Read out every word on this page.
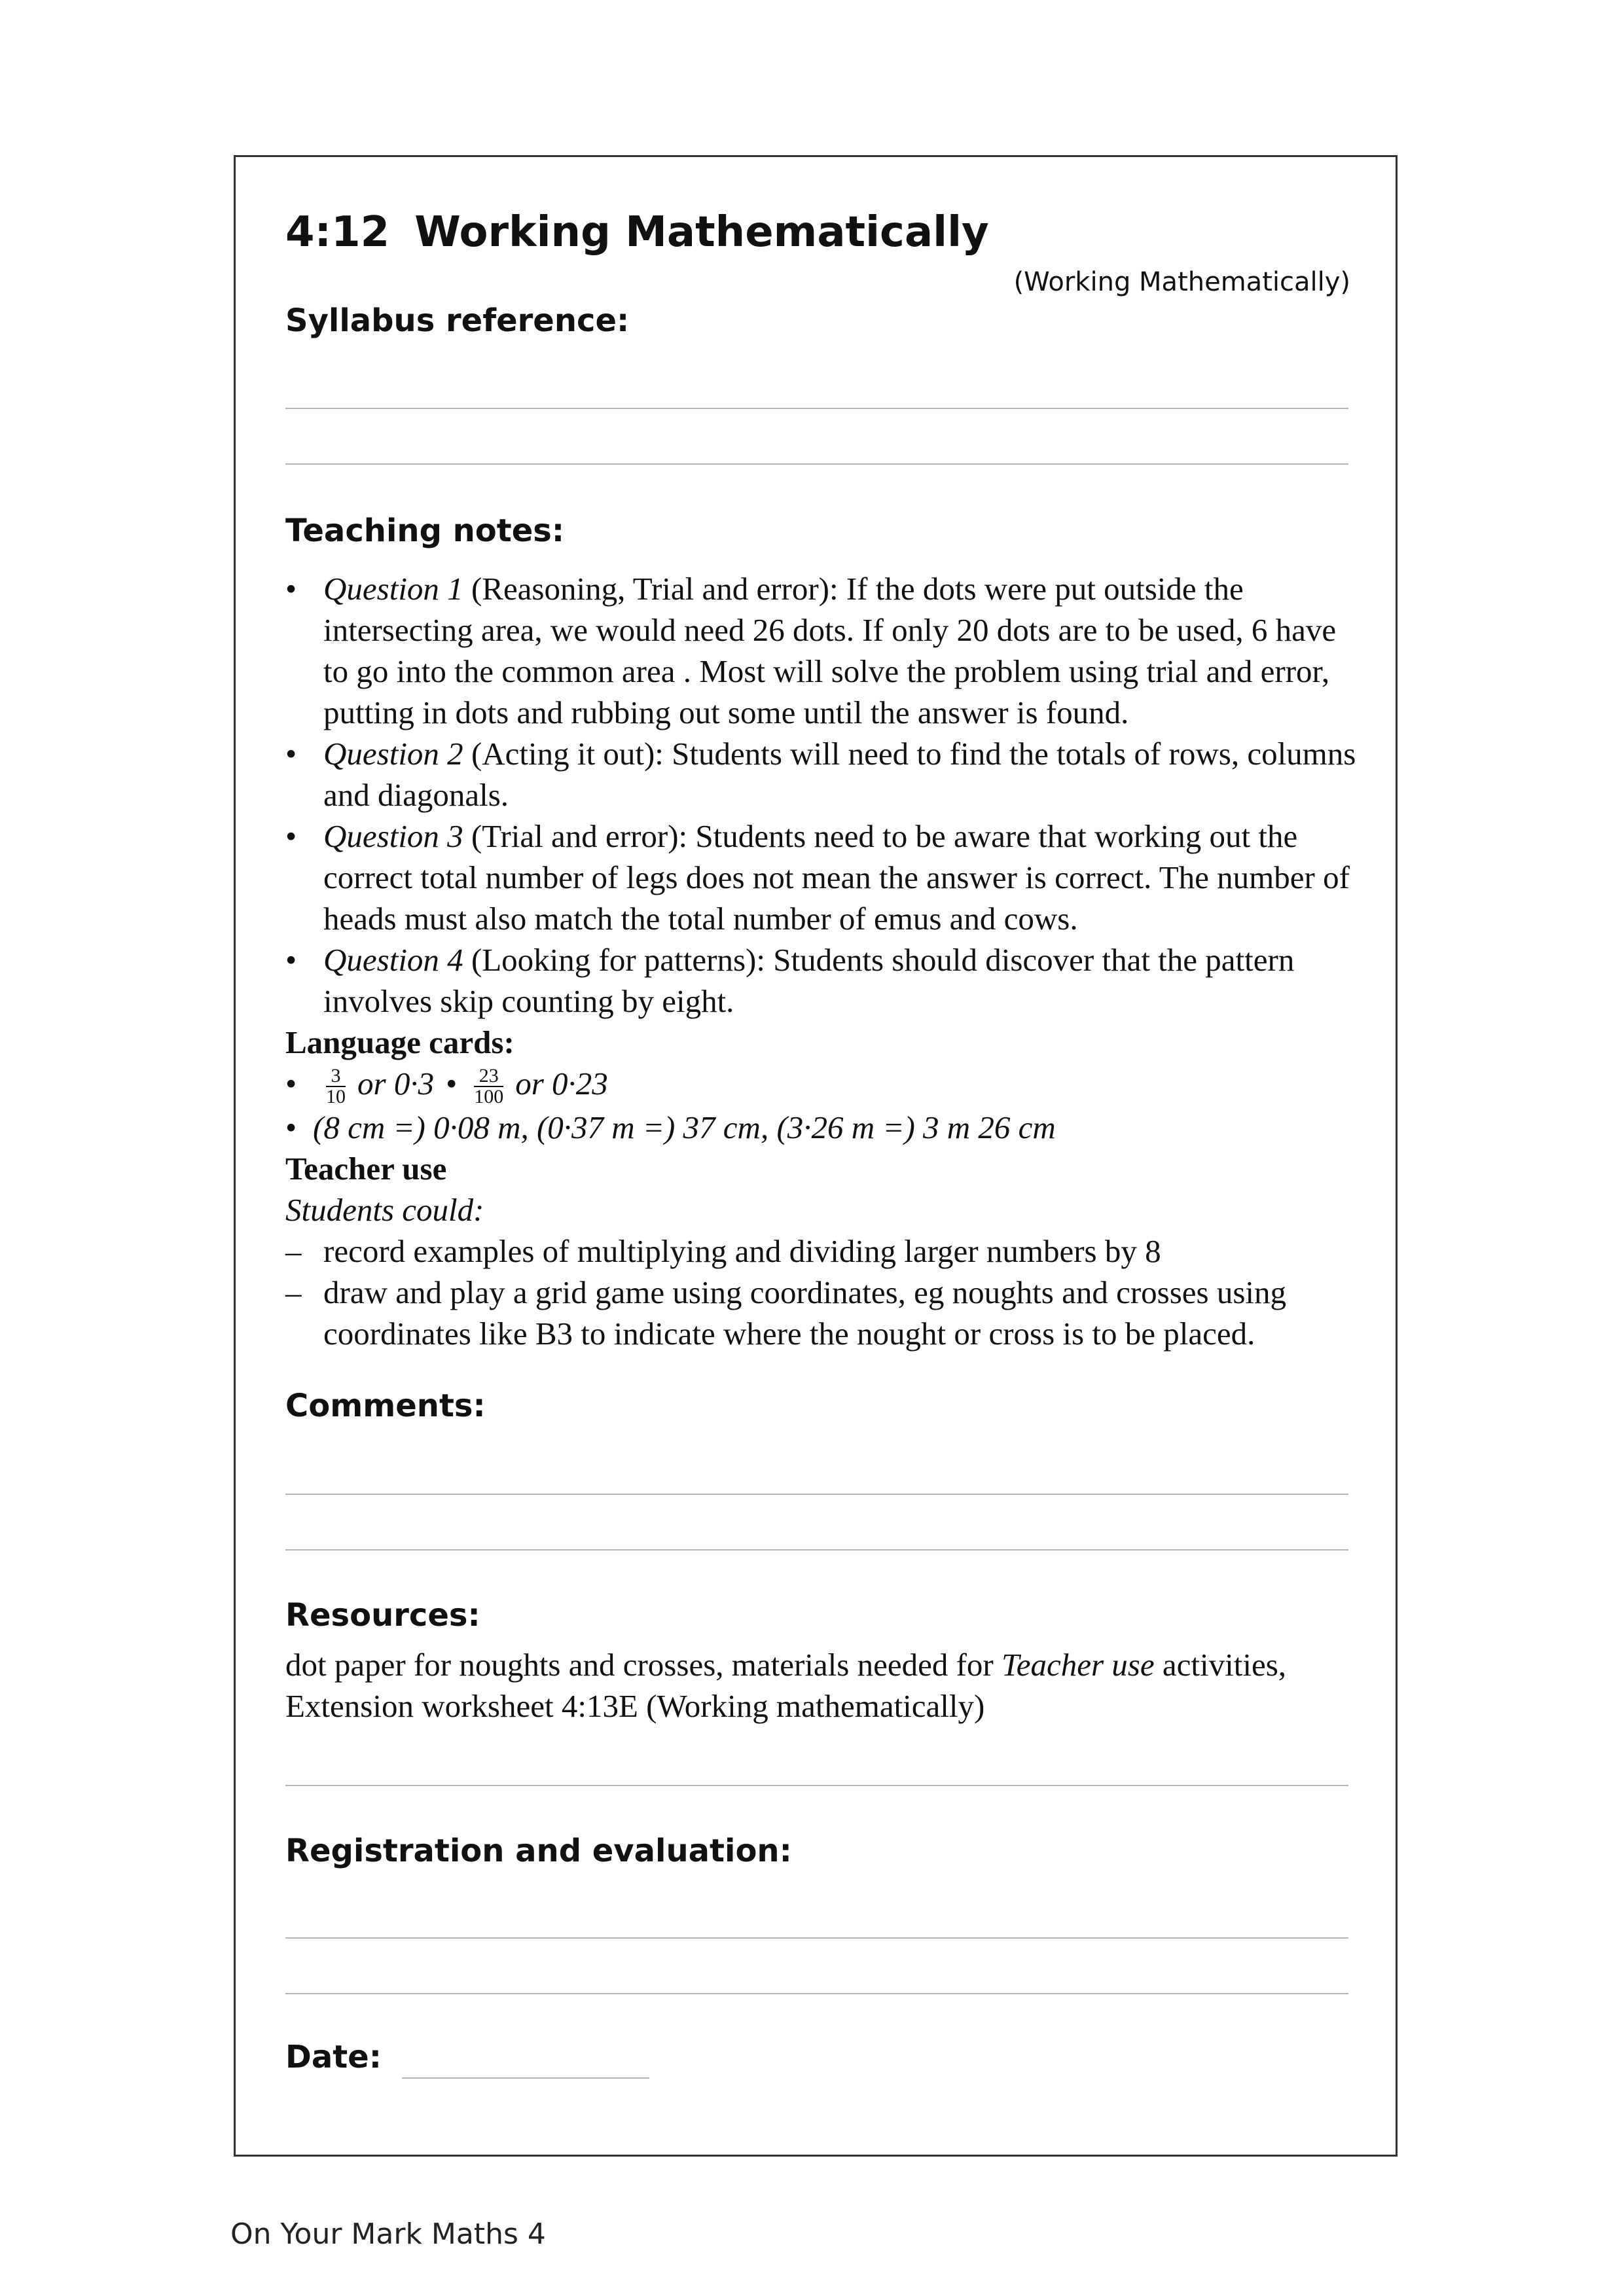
4:12 Working Mathematically
(Working Mathematically)
Syllabus reference:
Teaching notes:
• Question 1 (Reasoning, Trial and error): If the dots were put outside the intersecting area, we would need 26 dots. If only 20 dots are to be used, 6 have to go into the common area . Most will solve the problem using trial and error, putting in dots and rubbing out some until the answer is found.
• Question 2 (Acting it out): Students will need to find the totals of rows, columns and diagonals.
• Question 3 (Trial and error): Students need to be aware that working out the correct total number of legs does not mean the answer is correct. The number of heads must also match the total number of emus and cows.
• Question 4 (Looking for patterns): Students should discover that the pattern involves skip counting by eight.
Language cards:
• $\frac{3}{10}$ or 0·3 • $\frac{23}{100}$ or 0·23
• (8 cm =) 0·08 m, (0·37 m =) 37 cm, (3·26 m =) 3 m 26 cm
Teacher use
Students could:
– record examples of multiplying and dividing larger numbers by 8
– draw and play a grid game using coordinates, eg noughts and crosses using coordinates like B3 to indicate where the nought or cross is to be placed.
Comments:
Resources:
dot paper for noughts and crosses, materials needed for Teacher use activities, Extension worksheet 4:13E (Working mathematically)
Registration and evaluation:
Date:
On Your Mark Maths 4
